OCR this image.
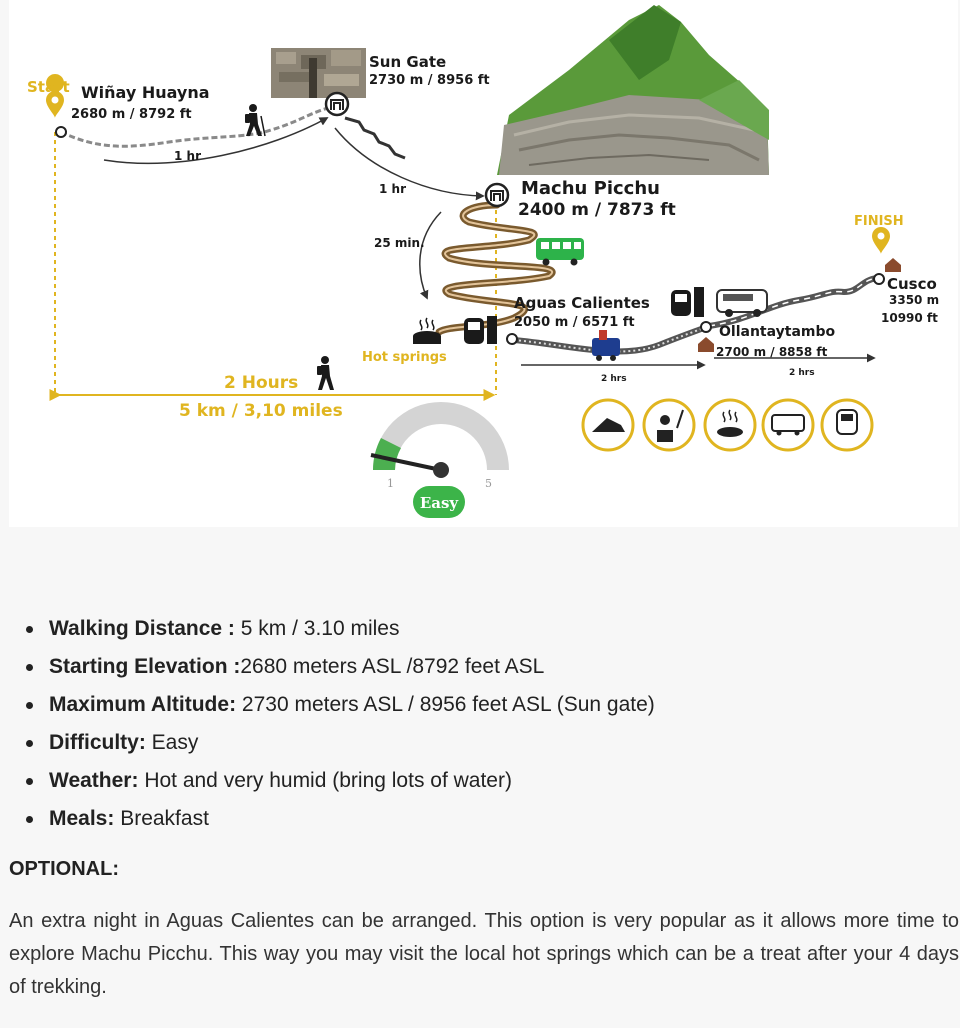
Start Wiñay Huayna
2680 m / 8792 ft
1 hr
Sun Gate
2730 m / 8956 ft
1 hr	Machu Picchu
2400 m / 7873 ft
25 min.
Aguas Calientes
2050 m / 6571 ft
Hot springs
Ollantaytambo
2700 m / 8858 ft
FINISH
Cusco
3350 m
10990 ft
2 hrs
2 hrs
2 Hours
5 km / 3,10 miles
1	5
Easy
Walking Distance : 5 km / 3.10 miles
Starting Elevation :2680 meters ASL /8792 feet ASL
Maximum Altitude: 2730 meters ASL / 8956 feet ASL (Sun gate)
Difficulty: Easy
Weather: Hot and very humid (bring lots of water)
Meals: Breakfast
OPTIONAL:

An extra night in Aguas Calientes can be arranged. This option is very popular as it allows more time to explore Machu Picchu. This way you may visit the local hot springs which can be a treat after your 4 days of trekking.
